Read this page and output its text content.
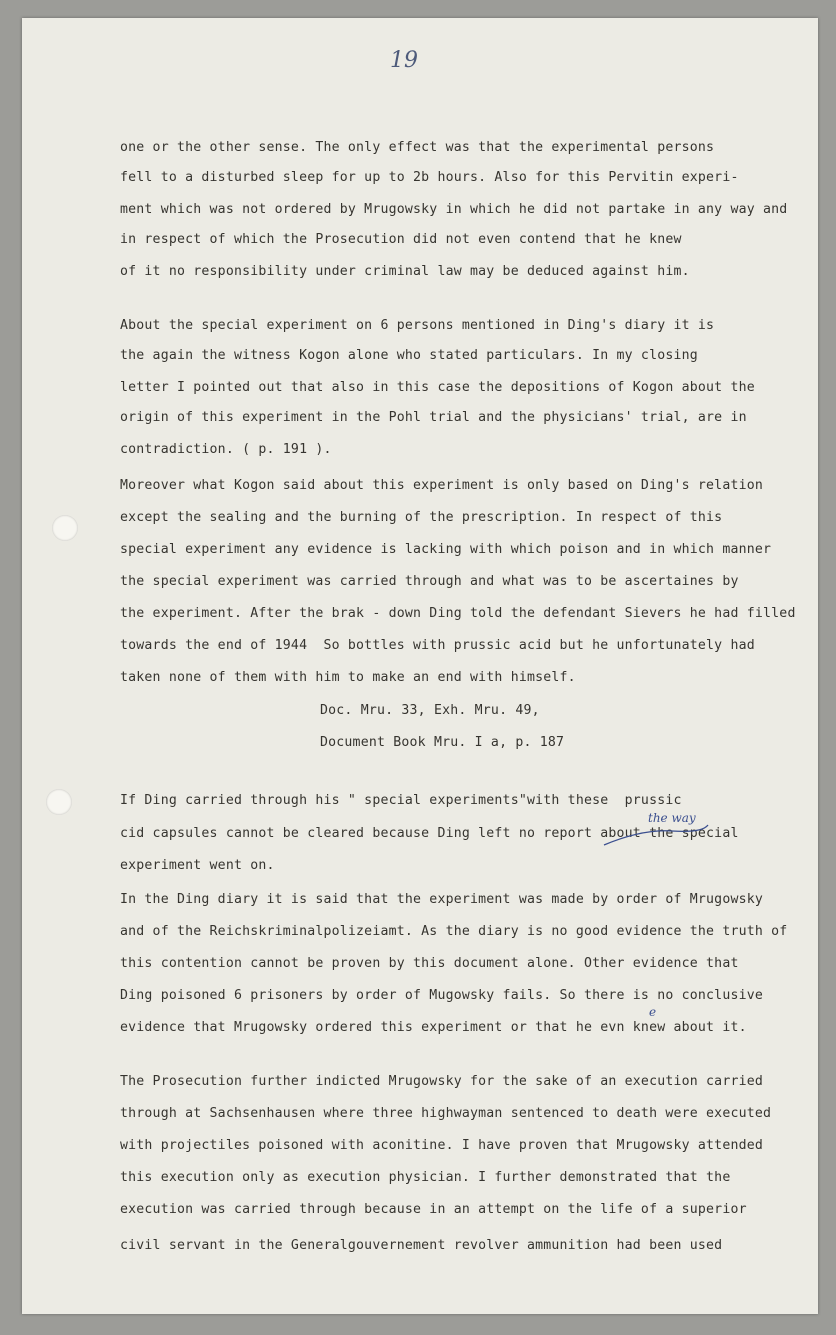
19
one or the other sense. The only effect was that the experimental persons
fell to a disturbed sleep for up to 2b hours. Also for this Pervitin experi-
ment which was not ordered by Mrugowsky in which he did not partake in any way and
in respect of which the Prosecution did not even contend that he knew
of it no responsibility under criminal law may be deduced against him.
About the special experiment on 6 persons mentioned in Ding's diary it is
the again the witness Kogon alone who stated particulars. In my closing
letter I pointed out that also in this case the depositions of Kogon about the
origin of this experiment in the Pohl trial and the physicians' trial, are in
contradiction. ( p. 191 ).
Moreover what Kogon said about this experiment is only based on Ding's relation
except the sealing and the burning of the prescription. In respect of this
special experiment any evidence is lacking with which poison and in which manner
the special experiment was carried through and what was to be ascertaines by
the experiment. After the brak - down Ding told the defendant Sievers he had filled
towards the end of 1944  So bottles with prussic acid but he unfortunately had
taken none of them with him to make an end with himself.
Doc. Mru. 33, Exh. Mru. 49,
Document Book Mru. I a, p. 187
If Ding carried through his " special experiments"with these  prussic
cid capsules cannot be cleared because Ding left no report about the special
experiment went on.
In the Ding diary it is said that the experiment was made by order of Mrugowsky
and of the Reichskriminalpolizeiamt. As the diary is no good evidence the truth of
this contention cannot be proven by this document alone. Other evidence that
Ding poisoned 6 prisoners by order of Mugowsky fails. So there is no conclusive
evidence that Mrugowsky ordered this experiment or that he evn knew about it.
The Prosecution further indicted Mrugowsky for the sake of an execution carried
through at Sachsenhausen where three highwayman sentenced to death were executed
with projectiles poisoned with aconitine. I have proven that Mrugowsky attended
this execution only as execution physician. I further demonstrated that the
execution was carried through because in an attempt on the life of a superior
civil servant in the Generalgouvernement revolver ammunition had been used
the way
e
